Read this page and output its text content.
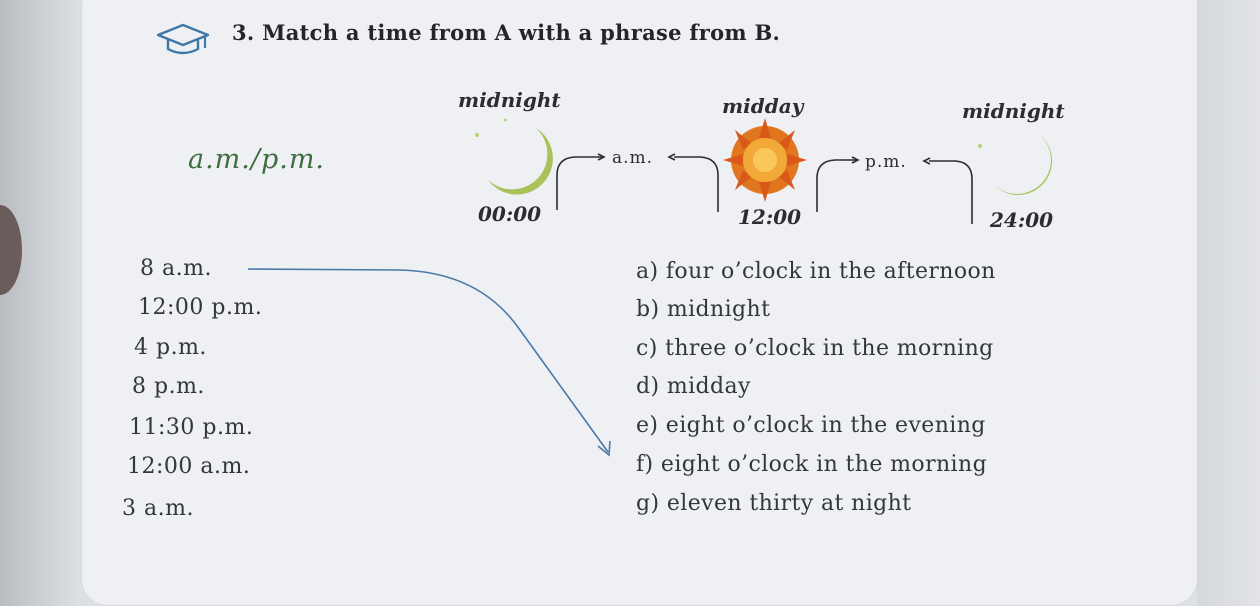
3. Match a time from A with a phrase from B.
a.m./p.m.
midnight	midday	midnight
00:00	12:00	24:00
a.m.	p.m.
8 a.m.
12:00 p.m.
4 p.m.
8 p.m.
11:30 p.m.
12:00 a.m.
3 a.m.
a) four o’clock in the afternoon
b) midnight
c) three o’clock in the morning
d) midday
e) eight o’clock in the evening
f) eight o’clock in the morning
g) eleven thirty at night
